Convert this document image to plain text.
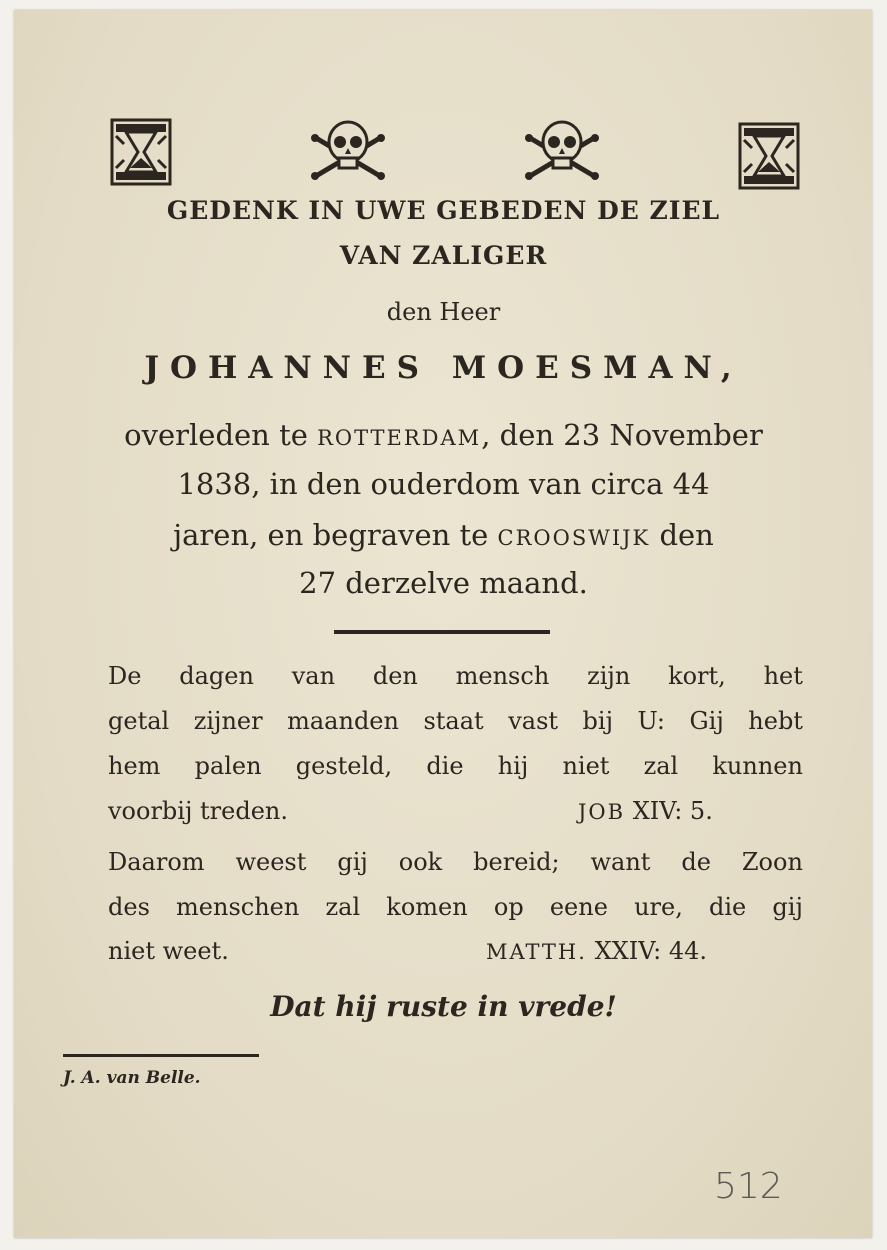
GEDENK IN UWE GEBEDEN DE ZIEL
VAN ZALIGER
den Heer
JOHANNES MOESMAN,
overleden te ROTTERDAM, den 23 November
1838, in den ouderdom van circa 44
jaren, en begraven te CROOSWIJK den
27 derzelve maand.
De dagen van den mensch zijn kort, het
getal zijner maanden staat vast bij U: Gij hebt
hem palen gesteld, die hij niet zal kunnen
voorbij treden.	JOB XIV: 5.
Daarom weest gij ook bereid; want de Zoon
des menschen zal komen op eene ure, die gij
niet weet.	MATTH. XXIV: 44.
Dat hij ruste in vrede!
J. A. van Belle.
512
